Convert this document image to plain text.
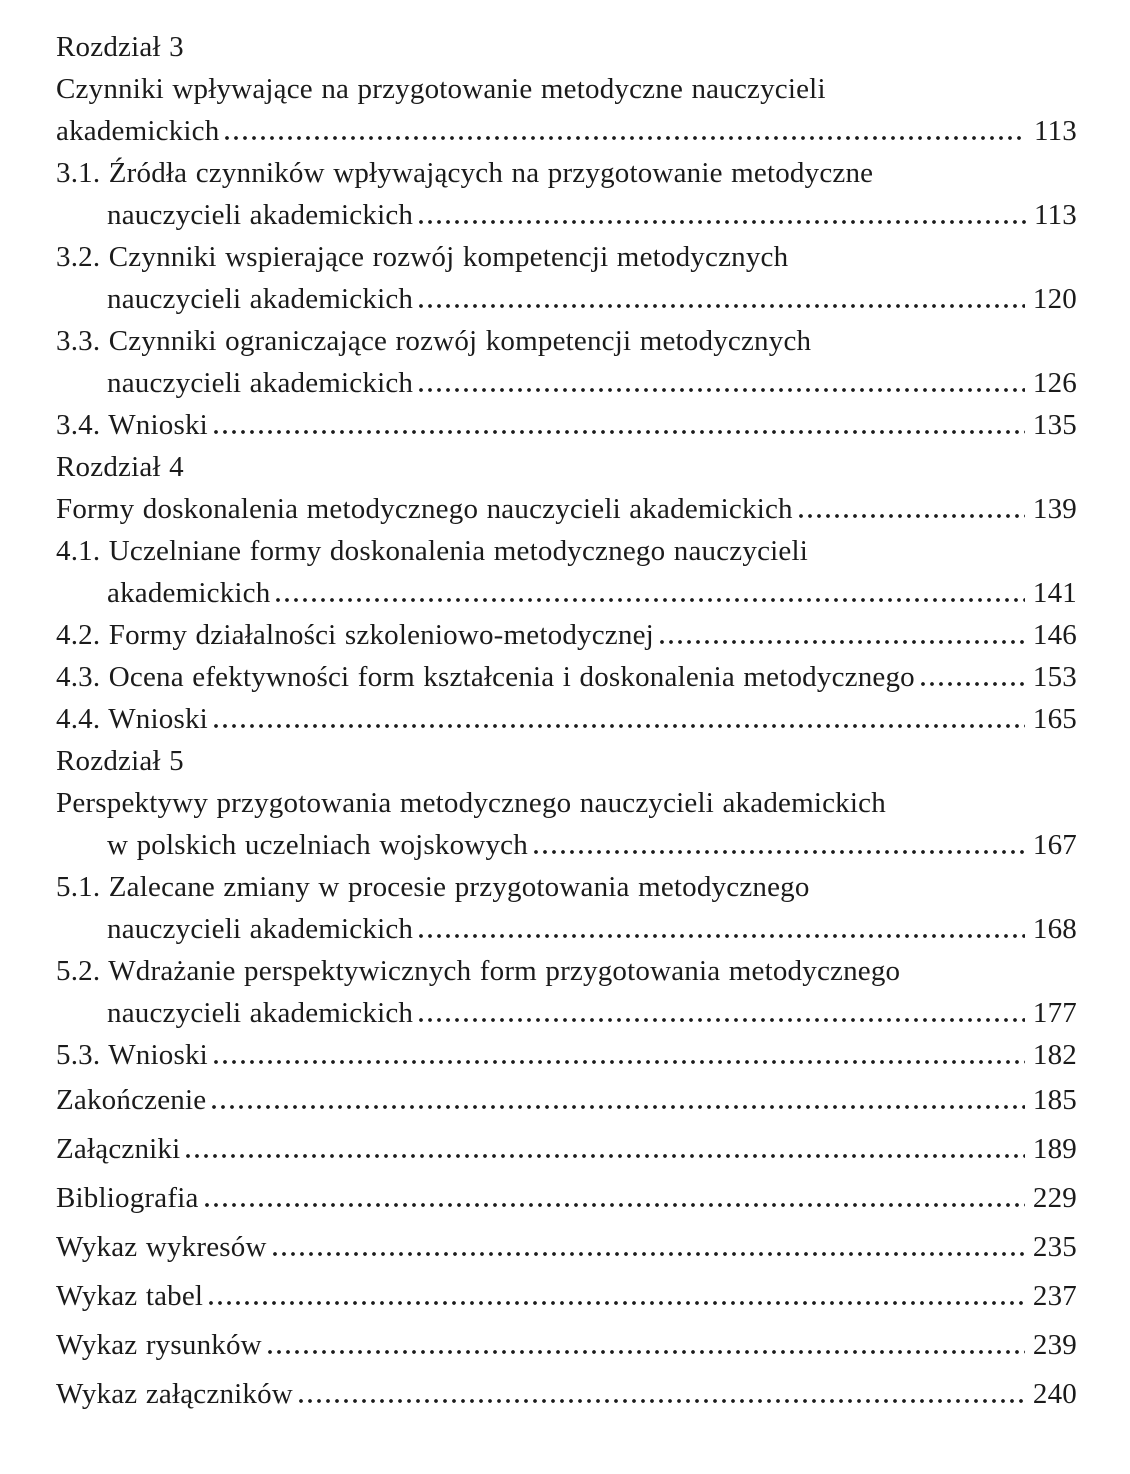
Rozdział 3
Czynniki wpływające na przygotowanie metodyczne nauczycieli
akademickich	113
3.1. Źródła czynników wpływających na przygotowanie metodyczne
nauczycieli akademickich	113
3.2. Czynniki wspierające rozwój kompetencji metodycznych
nauczycieli akademickich	120
3.3. Czynniki ograniczające rozwój kompetencji metodycznych
nauczycieli akademickich	126
3.4. Wnioski	135
Rozdział 4
Formy doskonalenia metodycznego nauczycieli akademickich	139
4.1. Uczelniane formy doskonalenia metodycznego nauczycieli
akademickich	141
4.2. Formy działalności szkoleniowo-metodycznej	146
4.3. Ocena efektywności form kształcenia i doskonalenia metodycznego	153
4.4. Wnioski	165
Rozdział 5
Perspektywy przygotowania metodycznego nauczycieli akademickich
w polskich uczelniach wojskowych	167
5.1. Zalecane zmiany w procesie przygotowania metodycznego
nauczycieli akademickich	168
5.2. Wdrażanie perspektywicznych form przygotowania metodycznego
nauczycieli akademickich	177
5.3. Wnioski	182
Zakończenie	185
Załączniki	189
Bibliografia	229
Wykaz wykresów	235
Wykaz tabel	237
Wykaz rysunków	239
Wykaz załączników	240
